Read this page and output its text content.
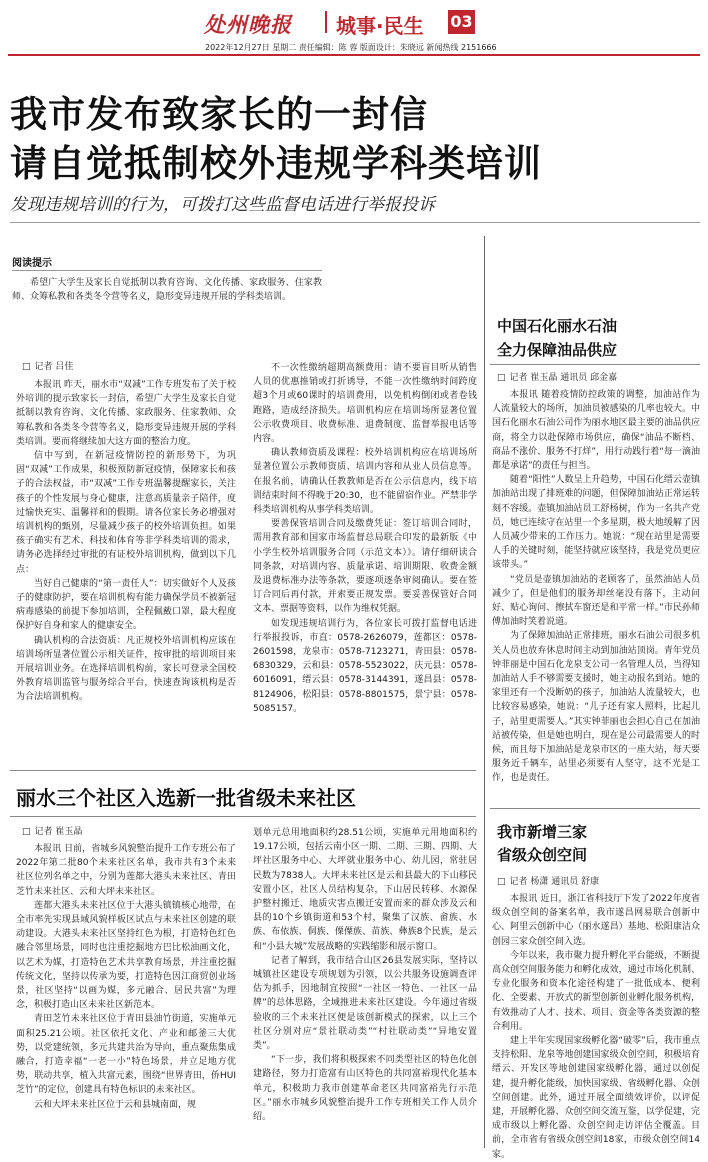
处州晚报 城事·民生 03
2022年12月27日 星期二 责任编辑：陈 蓉 版面设计：朱晓远 新闻热线 2151666
我市发布致家长的一封信
请自觉抵制校外违规学科类培训
发现违规培训的行为，可拨打这些监督电话进行举报投诉
阅读提示
希望广大学生及家长自觉抵制以教育咨询、文化传播、家政服务、住家教师、众筹私教和各类冬令营等名义，隐形变异违规开展的学科类培训。
□ 记者 吕佳

本报讯 昨天，丽水市“双减”工作专班发布了关于校外培训的提示致家长一封信，希望广大学生及家长自觉抵制以教育咨询、文化传播、家政服务、住家教师、众筹私教和各类冬令营等名义，隐形变异违规开展的学科类培训。要而将继续加大这方面的整治力度。

信中写到，在新冠疫情防控的新形势下，为巩固“双减”工作成果，积极预防新冠疫情，保障家长和孩子的合法权益，市“双减”工作专班温馨提醒家长，关注孩子的个性发展与身心健康，注意高质量亲子陪伴，度过愉快充实、温馨祥和的假期。请各位家长务必增强对培训机构的甄别，尽量减少孩子的校外培训负担。如果孩子确实有艺术、科技和体育等非学科类培训的需求，请务必选择经过审批的有证校外培训机构，做到以下几点：

当好自己健康的“第一责任人”：切实做好个人及孩子的健康防护，要在培训机构有能力确保学员不被新冠病毒感染的前提下参加培训，全程佩戴口罩，最大程度保护好自身和家人的健康安全。

确认机构的合法资质：凡正规校外培训机构应该在培训场所显著位置公示相关证件，按审批的培训项目来开展培训业务。在选择培训机构前，家长可登录全国校外教育培训监管与服务综合平台，快速查询该机构是否为合法培训机构。

不一次性缴纳超期高额费用：请不要盲目听从销售人员的优惠推销或打折诱导，不能一次性缴纳时间跨度超3个月或60课时的培训费用，以免机构倒闭或者卷钱跑路，造成经济损失。培训机构应在培训场所显著位置公示收费项目、收费标准、退费制度、监督举报电话等内容。

确认教师资质及课程：校外培训机构应在培训场所显著位置公示教师资质、培训内容和从业人员信息等。在报名前，请确认任教教师是否在公示信息内，线下培训结束时间不得晚于20:30，也不能留宿作业。严禁非学科类培训机构从事学科类培训。

要善保管培训合同及缴费凭证：签订培训合同时，需用教育部和国家市场监督总局联合印发的最新版《中小学生校外培训服务合同（示范文本）》。请仔细研读合同条款，对培训内容、质量承诺、培训期限、收费金额及退费标准办法等条款，要逐项逐条审阅确认。要在签订合同后再付款，并索要正规发票。要妥善保管好合同文本、票据等资料，以作为维权凭据。

如发现违规培训行为，各位家长可拨打监督电话进行举报投诉，市直：0578-2626079，莲都区：0578-2601598，龙泉市：0578-7123271，青田县：0578-6830329，云和县：0578-5523022，庆元县：0578-6016091，缙云县：0578-3144391，遂昌县：0578-8124906，松阳县：0578-8801575，景宁县：0578-5085157。

丽水三个社区入选新一批省级未来社区
□ 记者 崔玉晶

本报讯 日前，省城乡风貌整治提升工作专班公布了2022年第二批80个未来社区名单，我市共有3个未来社区位列名单之中，分别为莲都大港头未来社区、青田芝竹未来社区、云和大坪未来社区。

莲都大港头未来社区位于大港头镇镇核心地带，在全市率先实现县域风貌样板区试点与未来社区创建的联动建设。大港头未来社区坚持红色为根，打造特色红色融合邻里场景，同时也注重挖掘地方巴比松油画文化，以艺术为媒，打造特色艺术共享教育场景，并注重挖掘传统文化，坚持以传承为要，打造特色因江商贸创业场景，社区坚持“以画为媒，多元融合、居民共富”为理念，积极打造山区未来社区新范本。

青田芝竹未来社区位于青田县油竹街道，实施单元面积25.21公顷。社区依托文化、产业和邮釜三大优势，以党建统领，多元共建共治为导向，重点聚焦集成融合，打造幸福“一老一小”特色场景，并立足地方优势，联动共享，植入共富元素，围绕“世界青田，侨HUI芝竹”的定位，创建具有特色标识的未来社区。

云和大坪未来社区位于云和县城南面，规

划单元总用地面积约28.51公顷，实施单元用地面积约19.17公顷，包括云南小区一期、二期、三期、四期、大坪社区服务中心、大坪就业服务中心、幼儿园，常驻居民数为7838人。大坪未来社区是云和县最大的下山移民安置小区，社区人员结构复杂，下山居民转移、水源保护整村搬迁、地质灾害点搬迁安置而来的群众涉及云和县的10个乡镇街道和53个村，聚集了汉族、畲族、水族、布依族、侗族、傈僳族、苗族、彝族8个民族，是云和“小县大城”发展战略的实践缩影和展示窗口。

记者了解到，我市结合山区26县发展实际，坚持以城镇社区建设专项规划为引领，以公共服务设施调查评估为抓手，因地制宜按照“一社区一特色、一社区一品牌”的总体思路，全域推进未来社区建设。今年通过省级验收的三个未来社区便是该创新模式的探索，以上三个社区分别对应“景社联动类”“村社联动类”“异地安置类”。

“下一步，我们将积极探索不同类型社区的特色化创建路径，努力打造富有山区特色的共同富裕现代化基本单元，积极助力我市创建革命老区共同富裕先行示范区。”丽水市城乡风貌整治提升工作专班相关工作人员介绍。

中国石化丽水石油
全力保障油品供应
□ 记者 崔玉晶 通讯员 邱金嘉

本报讯 随着疫情防控政策的调整，加油站作为人流量较大的场所，加油员被感染的几率也较大。中国石化丽水石油公司作为丽水地区最主要的油品供应商，将全力以赴保障市场供应，确保“油品不断档、商品不涨价、服务不打烊”，用行动践行着“每一滴油都是承诺”的责任与担当。

随着“阳性”人数呈上升趋势，中国石化缙云壶镇加油站出现了排班难的问题，但保障加油站正常运转刻不容缓。壶镇加油站员工舒杨树，作为一名共产党员，她已连续守在站里一个多星期，极大地缓解了因人员减少带来的工作压力。她说：“现在站里是需要人手的关键时刻，能坚持就应该坚持，我是党员更应该带头。”

“党员是壶镇加油站的老顾客了，虽然油站人员减少了，但是他们的服务却丝毫没有落下，主动问好、贴心询问、擦拭车窗还是和平常一样。”市民孙师傅加油时笑着说道。

为了保障加油站正常排班，丽水石油公司很多机关人员也放弃休息时间主动到加油站顶岗。青年党员钟菲丽是中国石化龙泉支公司一名管理人员，当得知加油站人手不够需要支援时，她主动报名到站。她的家里还有一个没断奶的孩子，加油站人流量较大，也比较容易感染，她说：“儿子还有家人照料，比起儿子，站里更需要人。”其实钟菲丽也会担心自己在加油站被传染，但是她也明白，现在是公司最需要人的时候，而且每下加油站是龙泉市区的一座大站，每天要服务近千辆车，站里必须要有人坚守，这不光是工作，也是责任。

我市新增三家
省级众创空间
□ 记者 杨潇 通讯员 舒康

本报讯 近日，浙江省科技厅下发了2022年度省级众创空间的备案名单，我市遂昌网易联合创新中心、阿里云创新中心（丽水遂昌）基地、松阳康洁众创园三家众创空间入选。

今年以来，我市聚力提升孵化平台能级，不断提高众创空间服务能力和孵化成效，通过市场化机制、专业化服务和资本化途径构建了一批低成本、便利化、全要素、开放式的新型创新创业孵化服务机构，有效推动了人才、技术、项目、资金等各类资源的整合利用。

建上半年实现国家级孵化器“破零”后，我市重点支持松阳、龙泉等地创建国家级众创空间，积极培育缙云、开发区等地创建国家级孵化器，通过以创促建，提升孵化能级，加快国家级、省级孵化器、众创空间创建。此外，通过开展全面绩效评价，以评促建，开展孵化器、众创空间交流互鉴，以学促建，完成市级以上孵化器、众创空间走访评估全覆盖。目前，全市省有省级众创空间18家，市级众创空间14家。
